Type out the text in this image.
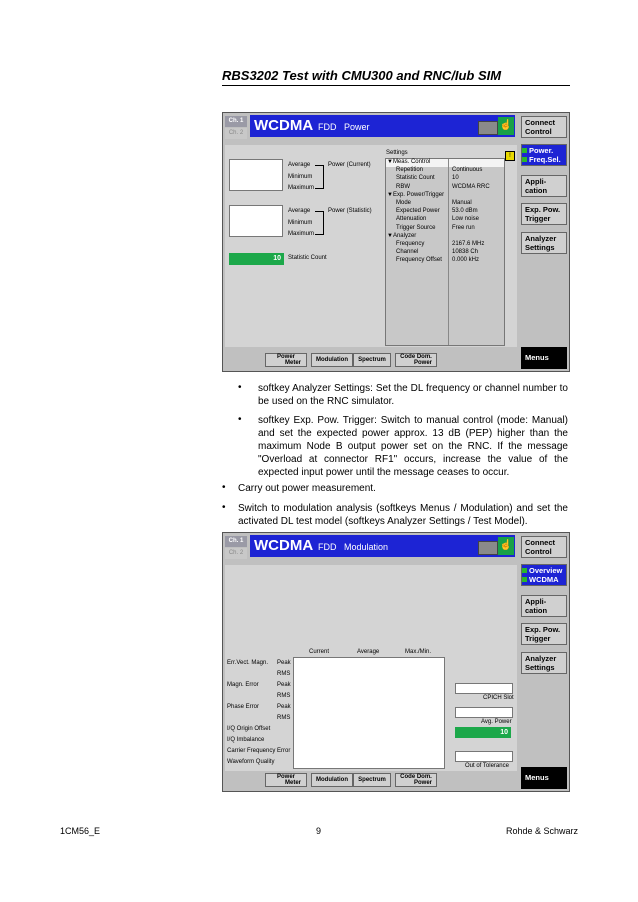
RBS3202 Test with CMU300 and RNC/Iub SIM
Ch. 1
Ch. 2 WCDMA FDD Power	☝	Connect Control
Power. Freq.Sel.
Appli- cation
Exp. Pow. Trigger
Analyzer Settings
Menus
Average
Minimum
Maximum
Power (Current)
Average
Minimum
Maximum
Power (Statistic)
10	Statistic Count
Settings
▼Meas. Control
Repetition	Continuous
Statistic Count	10
RBW	WCDMA RRC
▼Exp. Power/Trigger
Mode	Manual
Expected Power 53.0 dBm
Attenuation	Low noise
Trigger Source	Free run
▼Analyzer
Frequency	2167.6 MHz
Channel	10838 Ch
Frequency Offset 0.000 kHz
!
Power
Meter	Modulation	Spectrum	Code Dom.
Power
• softkey Analyzer Settings: Set the DL frequency or channel number to be used on the RNC simulator.
• softkey Exp. Pow. Trigger: Switch to manual control (mode: Manual) and set the expected power approx. 13 dB (PEP) higher than the maximum Node B output power set on the RNC. If the message "Overload at connector RF1" occurs, increase the value of the expected input power until the message ceases to occur.
• Carry out power measurement.
• Switch to modulation analysis (softkeys Menus / Modulation) and set the activated DL test model (softkeys Analyzer Settings / Test Model).
Ch. 1
Ch. 2 WCDMA FDD Modulation	☝	Connect Control
Overview WCDMA
Appli- cation
Exp. Pow. Trigger
Analyzer Settings
Menus
Current	Average	Max./Min.
Err.Vect. Magn. Peak
RMS
Magn. Error	Peak
RMS
Phase Error	Peak
RMS
I/Q Origin Offset
I/Q Imbalance
Carrier Frequency Error
Waveform Quality
CPICH Slot
Avg. Power
10
Out of Tolerance
Power
Meter	Modulation	Spectrum	Code Dom.
Power
1CM56_E	9	Rohde & Schwarz
